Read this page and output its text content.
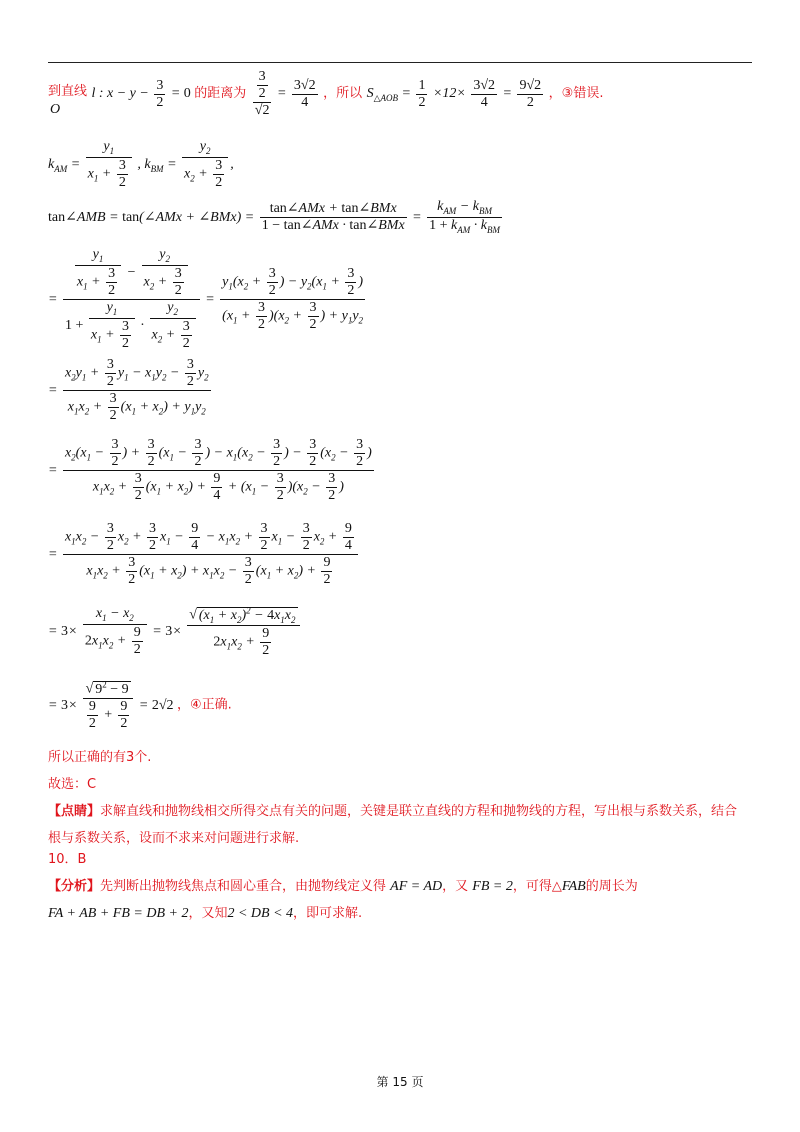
到直线 l : $x - y - \frac{3}{2} = 0$ 的距离为 $\frac{\frac{3}{2}}{√2} = \frac{3√2}{4}$ ，所以 $S_{\triangle AOB} = \frac{1}{2} \times 12\times \frac{3√2}{4} = \frac{9√2}{2}$ ，③错误.
O
$k_{AM} = \frac{y_1}{x_1 + \frac{3}{2}}$ , $k_{BM} = \frac{y_2}{x_2 + \frac{3}{2}}$ ,
tan∠AMB = tan(∠AMx + ∠BMx) = $\frac{\text{tan∠AMx + tan∠BMx}}{\text{1 − tan∠AMx · tan∠BMx}} = \frac{k_{AM} - k_{BM}}{1 + k_{AM} \cdot k_{BM}}$
= $\frac{\frac{y_1}{x_1 + \frac{3}{2}} - \frac{y_2}{x_2 + \frac{3}{2}}}{1 + \frac{y_1}{x_1 + \frac{3}{2}} \cdot \frac{y_2}{x_2 + \frac{3}{2}}} = \frac{y_1(x_2 + \frac{3}{2} ) - y_2(x_1 + \frac{3}{2} )}{(x_1 + \frac{3}{2} )(x_2 + \frac{3}{2} ) + y_1y_2}$
= $\frac{x_2y_1 + \frac{3}{2} y_1 - x_1y_2 - \frac{3}{2} y_2}{x_1x_2 + \frac{3}{2} (x_1 + x_2) + y_1y_2}$
= $\frac{x_2(x_1 - \frac{3}{2} ) + \frac{3}{2} (x_1 - \frac{3}{2} ) - x_1(x_2 - \frac{3}{2} ) - \frac{3}{2} (x_2 - \frac{3}{2} )}{x_1x_2 + \frac{3}{2} (x_1 + x_2) + \frac{9}{4} + (x_1 - \frac{3}{2} )(x_2 - \frac{3}{2} )}$
= $\frac{x_1x_2 - \frac{3}{2} x_2 + \frac{3}{2} x_1 - \frac{9}{4} - x_1x_2 + \frac{3}{2} x_1 - \frac{3}{2} x_2 + \frac{9}{4}}{x_1x_2 + \frac{3}{2} (x_1 + x_2) + x_1x_2 - \frac{3}{2} (x_1 + x_2) + \frac{9}{2}}$
= $3\times \frac{x_1 - x_2}{2x_1x_2 + \frac{9}{2}} = 3\times \frac{√ (x_1 + x_2)^2 - 4x_1x_2}{2x_1x_2 + \frac{9}{2}}$
= $3\times \frac{√ 9^2 - 9}{\frac{9}{2} + \frac{9}{2}} = 2√2$ ，④正确.
所以正确的有3个.
故选：C
【点睛】求解直线和抛物线相交所得交点有关的问题，关键是联立直线的方程和抛物线的方程，写出根与系数关系，结合根与系数关系，设而不求来对问题进行求解.
10．B
【分析】先判断出抛物线焦点和圆心重合，由抛物线定义得 AF = AD，又 FB = 2，可得△FAB的周长为
FA + AB + FB = DB + 2，又知2 < DB < 4，即可求解.
第 15 页
